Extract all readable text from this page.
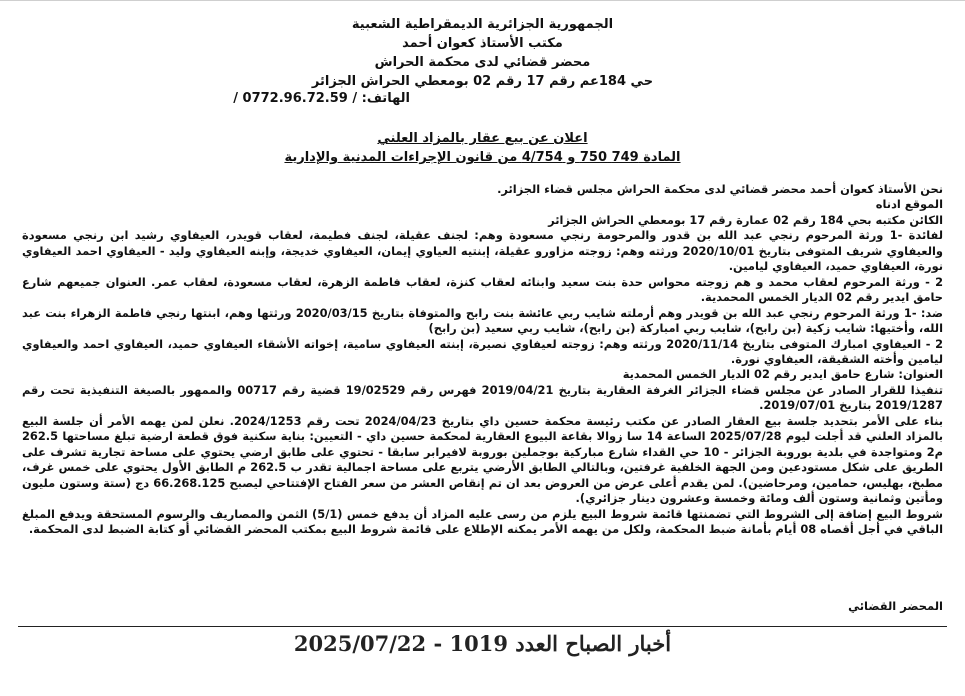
الجمهورية الجزائرية الديمقراطية الشعبية
مكتب الأستاذ كعوان أحمد
محضر قضائي لدى محكمة الحراش
حي 184عم رقم 17 رقم 02 بومعطي الحراش الجزائر
الهاتف: / 0772.96.72.59 /
اعلان عن بيع عقار بالمزاد العلني
المادة 749 750 و 4/754 من قانون الإجراءات المدنية والإدارية
نحن الأستاذ كعوان أحمد محضر قضائي لدى محكمة الحراش مجلس قضاء الجزائر.
الموقع ادناه
الكائن مكتبه بحي 184 رقم 02 عمارة رقم 17 بومعطي الحراش الجزائر
لفائدة -1 ورثة المرحوم رنجي عبد الله بن قدور والمرحومة رنجي مسعودة وهم: لجنف عقيلة، لجنف فطيمة، لعقاب قويدر، العيفاوي رشيد ابن رنجي مسعودة والعيفاوي شريف المتوفى بتاريخ 2020/10/01 ورثته وهم: زوجته مزاورو عقيلة، إبنتيه العياوي إيمان، العيفاوي خديجة، وإبنه العيفاوي وليد - العيفاوي احمد العيفاوي نورة، العيفاوي حميد، العيفاوي ليامين.
2 - ورثة المرحوم لعقاب محمد و هم زوجته محواس حدة بنت سعيد وابنائه لعقاب كنزة، لعقاب فاطمة الزهرة، لعقاب مسعودة، لعقاب عمر. العنوان جميعهم شارع حامق ايدير رقم 02 الديار الخمس المحمدية.
ضد: -1 ورثة المرحوم رنجي عبد الله بن قويدر وهم أرملته شايب ربي عائشة بنت رابح والمتوفاة بتاريخ 2020/03/15 ورثتها وهم، ابنتها رنجي فاطمة الزهراء بنت عبد الله، وأختيها: شايب زكية (بن رابح)، شايب ربي امباركة (بن رابح)، شايب ربي سعيد (بن رابح)
2 - العيفاوي امبارك المتوفى بتاريخ 2020/11/14 ورثته وهم: زوجته لعيفاوي نصيرة، إبنته العيفاوي سامية، إخواته الأشقاء العيفاوي حميد، العيفاوي احمد والعيفاوي ليامين وأخته الشقيقة، العيفاوي نورة.
العنوان: شارع حامق ايدير رقم 02 الديار الخمس المحمدية
تنفيذا للقرار الصادر عن مجلس قضاء الجزائر الغرفة العقارية بتاريخ 2019/04/21 فهرس رقم 19/02529 قضية رقم 00717 والممهور بالصيغة التنفيذية تحت رقم 2019/1287 بتاريخ 2019/07/01.
بناء على الأمر بتحديد جلسة بيع العقار الصادر عن مكتب رئيسة محكمة حسين داي بتاريخ 2024/04/23 تحت رقم 2024/1253. نعلن لمن يهمه الأمر أن جلسة البيع بالمزاد العلني قد أجلت ليوم 2025/07/28 الساعة 14 سا زوالا بقاعة البيوع العقارية لمحكمة حسين داي - التعيين: بناية سكنية فوق قطعة ارضية تبلغ مساحتها 262.5 م2 ومتواجدة في بلدية بوروبة الجزائر - 10 حي القداء شارع مباركية بوجملين بوروبة لافيرابر سابقا - تحتوي على طابق ارضي يحتوي على مساحة تجارية تشرف على الطريق على شكل مستودعين ومن الجهة الخلفية غرفتين، وبالتالي الطابق الأرضي يتربع على مساحة اجمالية تقدر ب 262.5 م الطابق الأول يحتوي على خمس غرف، مطبخ، بهليس، حمامين، ومرحاضين). لمن يقدم أعلى عرض من العروض بعد ان تم إنقاص العشر من سعر الفتاح الإفتتاحي ليصبح 66.268.125 دج (ستة وستون مليون ومأتين وثمانية وستون ألف ومائة وخمسة وعشرون دينار جزائري).
شروط البيع إضافة إلى الشروط التي تضمنتها قائمة شروط البيع يلزم من رسى عليه المزاد أن يدفع خمس (5/1) الثمن والمصاريف والرسوم المستحقة ويدفع المبلغ الباقي في أجل أقصاه 08 أيام بأمانة ضبط المحكمة، ولكل من يهمه الأمر يمكنه الإطلاع على قائمة شروط البيع بمكتب المحضر القضائي أو كتابة الضبط لدى المحكمة.
المحضر القضائي
أخبار الصباح العدد 1019 - 2025/07/22
